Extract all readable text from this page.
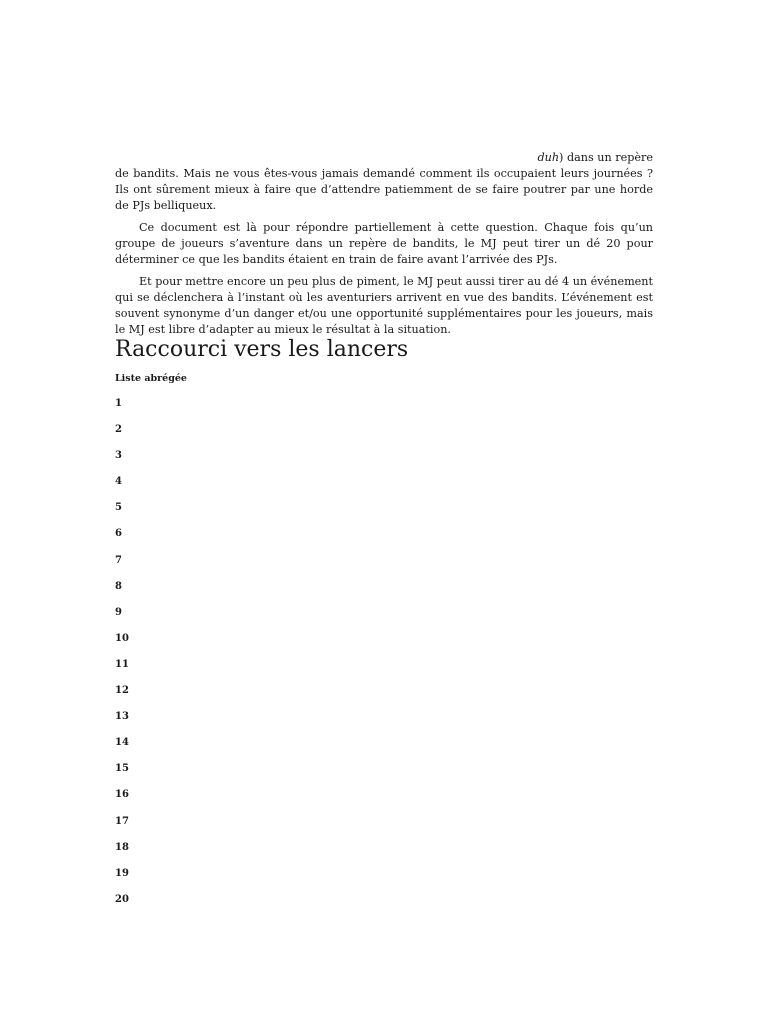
duh) dans un repère
de bandits. Mais ne vous êtes-vous jamais demandé comment ils occupaient leurs journées ? Ils ont sûrement mieux à faire que d’attendre patiemment de se faire poutrer par une horde de PJs belliqueux.

Ce document est là pour répondre partiellement à cette question. Chaque fois qu’un groupe de joueurs s’aventure dans un repère de bandits, le MJ peut tirer un dé 20 pour déterminer ce que les bandits étaient en train de faire avant l’arrivée des PJs.

Et pour mettre encore un peu plus de piment, le MJ peut aussi tirer au dé 4 un événement qui se déclenchera à l’instant où les aventuriers arrivent en vue des bandits. L’événement est souvent synonyme d’un danger et/ou une opportunité supplémentaires pour les joueurs, mais le MJ est libre d’adapter au mieux le résultat à la situation.

Raccourci vers les lancers
Liste abrégée
1
2
3
4
5
6
7
8
9
10
11
12
13
14
15
16
17
18
19
20
